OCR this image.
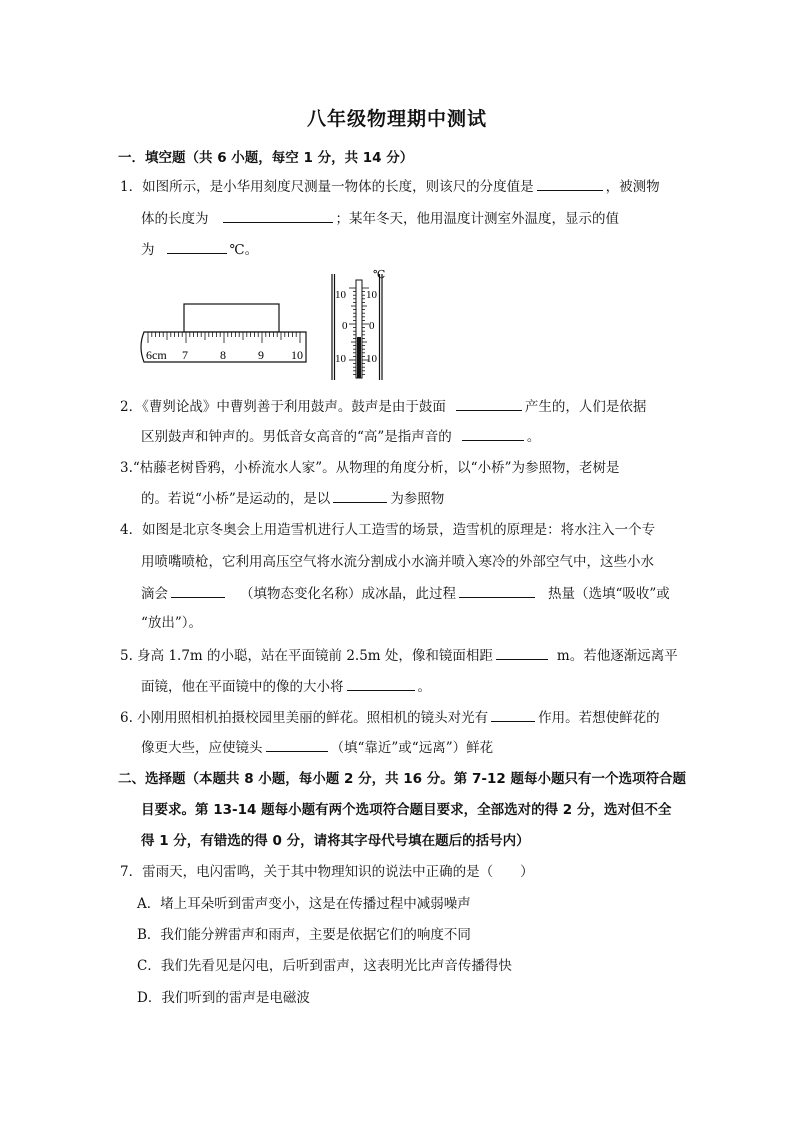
八年级物理期中测试
一．填空题（共 6 小题，每空 1 分，共 14 分）
1．如图所示，是小华用刻度尺测量一物体的长度，则该尺的分度值是	，被测物
体的长度为	；某年冬天，他用温度计测室外温度，显示的值
为	℃。
6cm 7	8	9 10
℃
10
0
10
10
0
10
2．《曹刿论战》中曹刿善于利用鼓声。鼓声是由于鼓面	产生的，人们是依据
区别鼓声和钟声的。男低音女高音的“高”是指声音的	。
3.“枯藤老树昏鸦，小桥流水人家”。从物理的角度分析，以“小桥”为参照物，老树是
的。若说“小桥”是运动的，是以	为参照物
4．如图是北京冬奥会上用造雪机进行人工造雪的场景，造雪机的原理是：将水注入一个专
用喷嘴喷枪，它利用高压空气将水流分割成小水滴并喷入寒冷的外部空气中，这些小水
滴会	（填物态变化名称）成冰晶，此过程	热量（选填“吸收”或
“放出”）。
5. 身高 1.7m 的小聪，站在平面镜前 2.5m 处，像和镜面相距	m。若他逐渐远离平
面镜，他在平面镜中的像的大小将	。
6. 小刚用照相机拍摄校园里美丽的鲜花。照相机的镜头对光有	作用。若想使鲜花的
像更大些，应使镜头	（填“靠近”或“远离”）鲜花
二、选择题（本题共 8 小题，每小题 2 分，共 16 分。第 7-12 题每小题只有一个选项符合题
目要求。第 13-14 题每小题有两个选项符合题目要求，全部选对的得 2 分，选对但不全
得 1 分，有错选的得 0 分，请将其字母代号填在题后的括号内）
7．雷雨天，电闪雷鸣，关于其中物理知识的说法中正确的是（　　）
A．堵上耳朵听到雷声变小，这是在传播过程中减弱噪声
B．我们能分辨雷声和雨声，主要是依据它们的响度不同
C．我们先看见是闪电，后听到雷声，这表明光比声音传播得快
D．我们听到的雷声是电磁波
